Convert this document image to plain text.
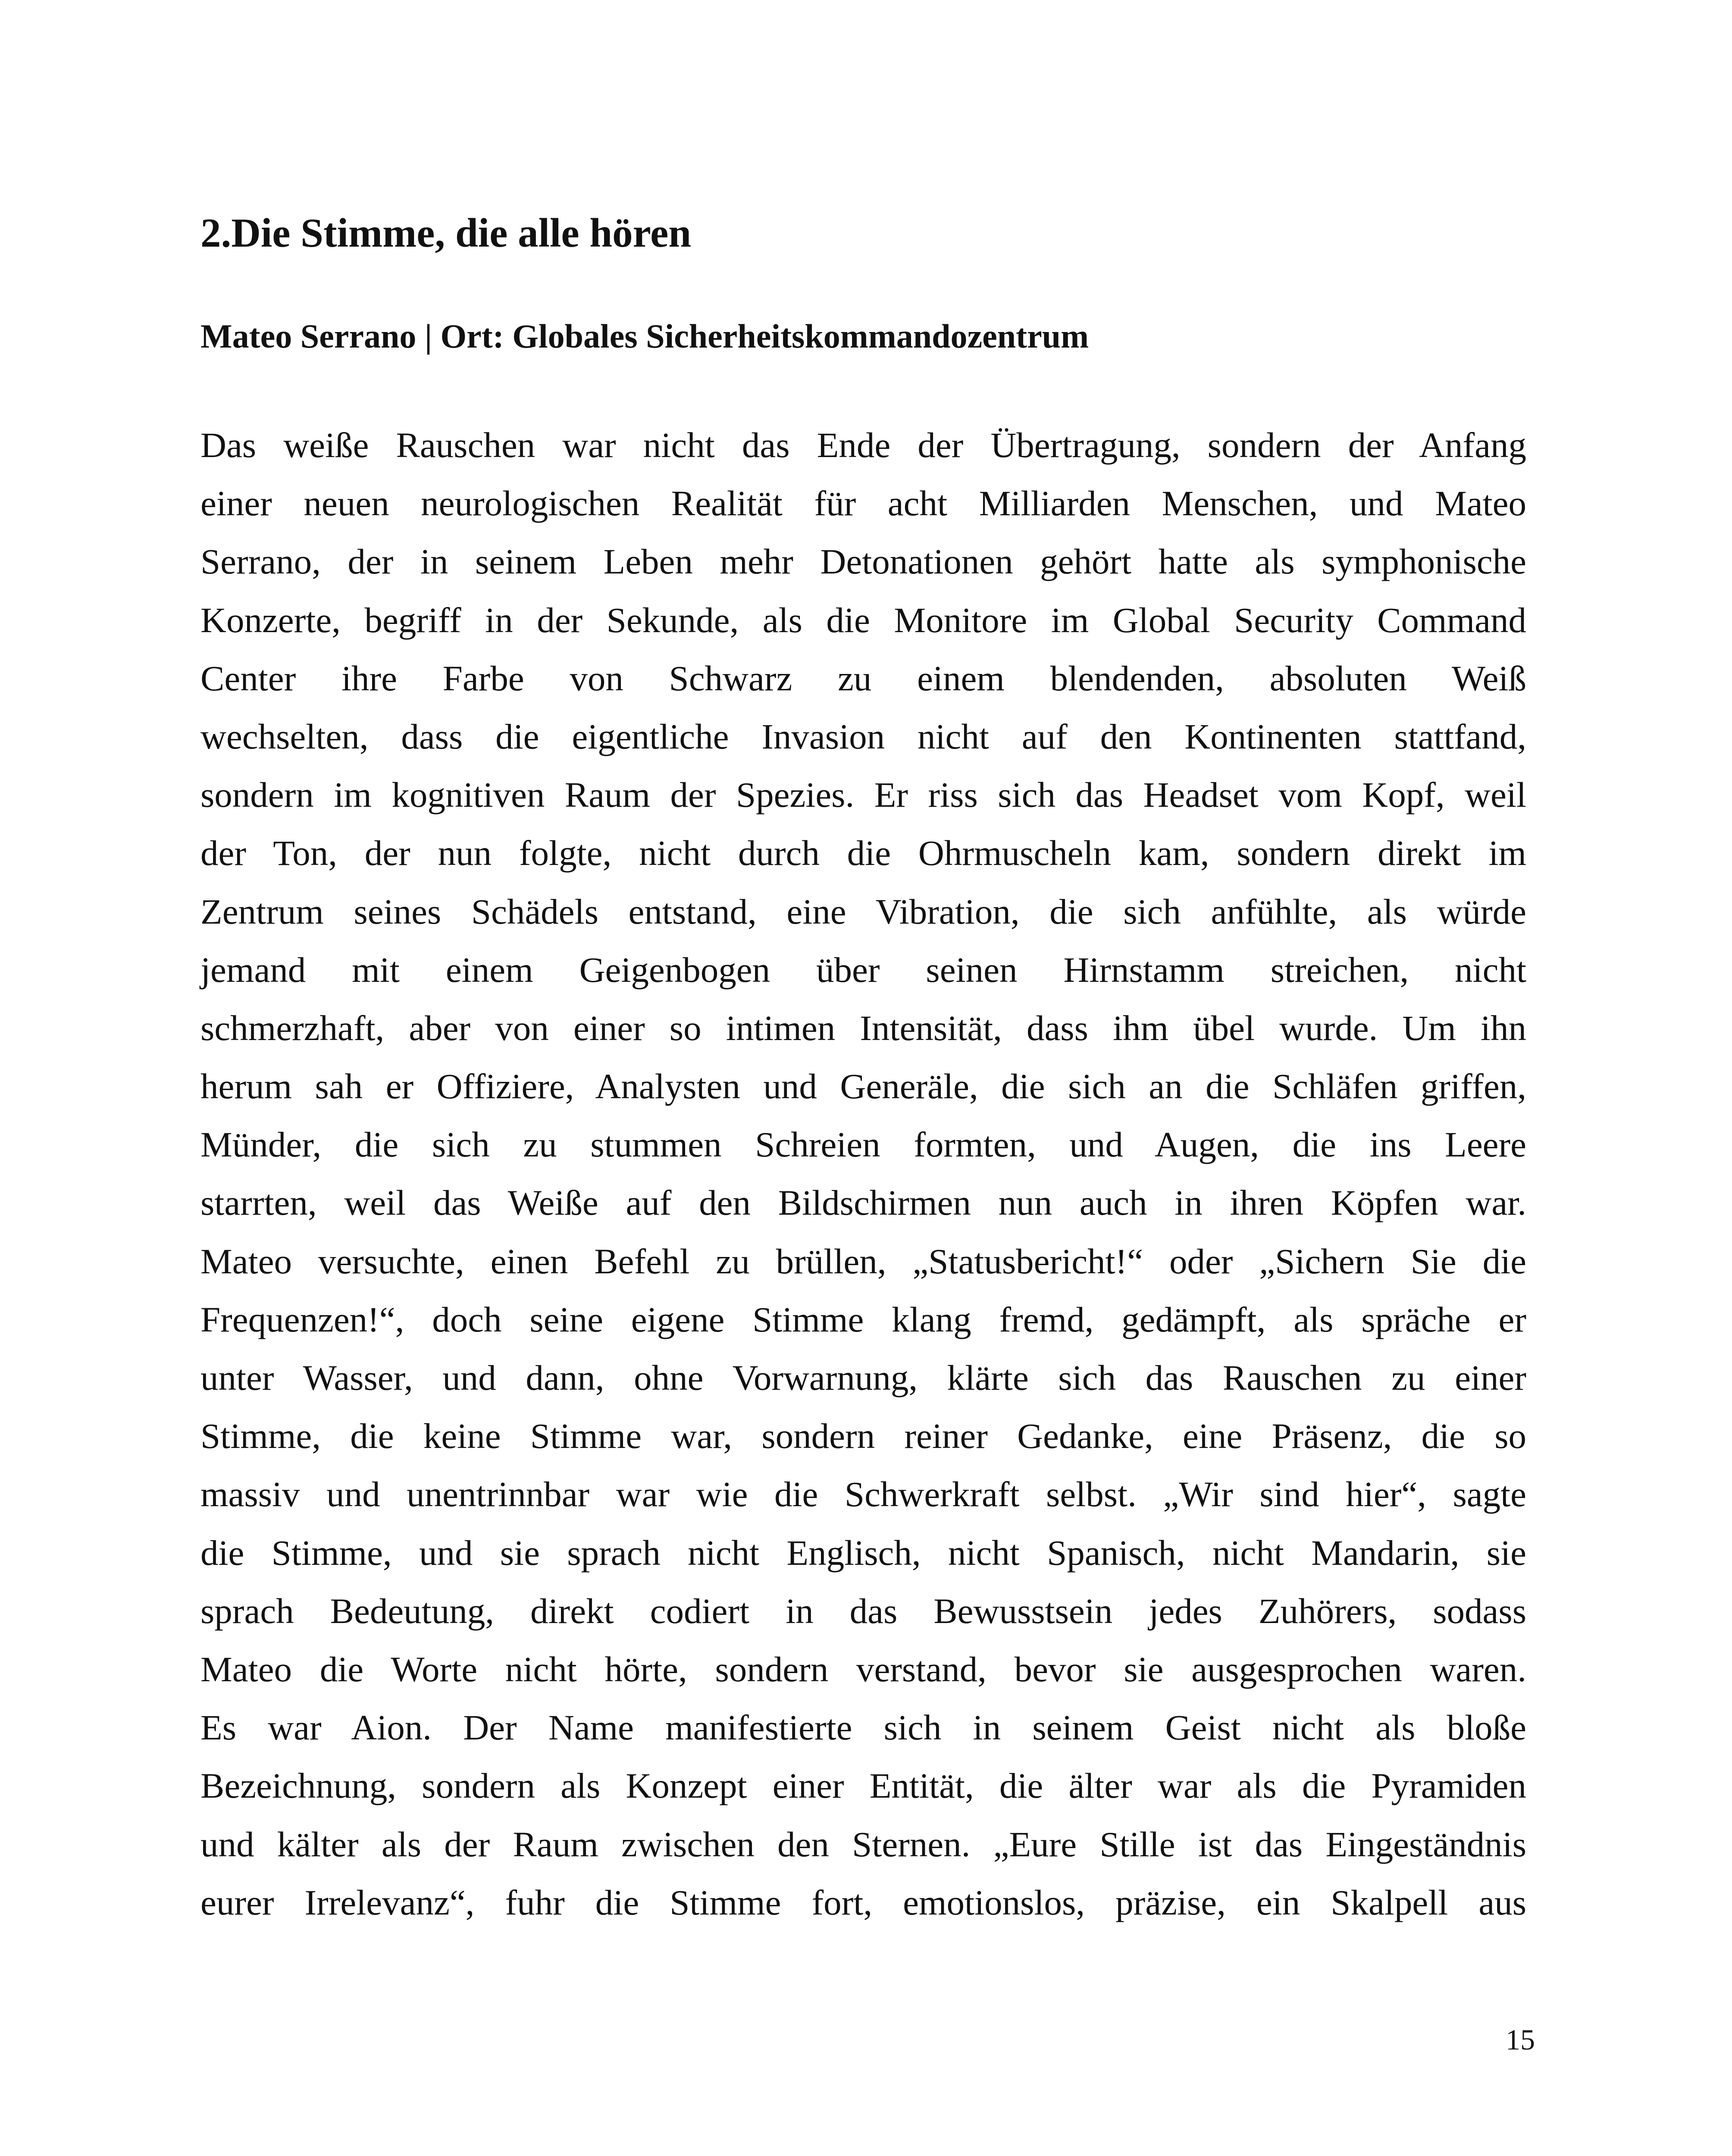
2.Die Stimme, die alle hören
Mateo Serrano | Ort: Globales Sicherheitskommandozentrum
Das weiße Rauschen war nicht das Ende der Übertragung, sondern der Anfang
einer neuen neurologischen Realität für acht Milliarden Menschen, und Mateo
Serrano, der in seinem Leben mehr Detonationen gehört hatte als symphonische
Konzerte, begriff in der Sekunde, als die Monitore im Global Security Command
Center ihre Farbe von Schwarz zu einem blendenden, absoluten Weiß
wechselten, dass die eigentliche Invasion nicht auf den Kontinenten stattfand,
sondern im kognitiven Raum der Spezies. Er riss sich das Headset vom Kopf, weil
der Ton, der nun folgte, nicht durch die Ohrmuscheln kam, sondern direkt im
Zentrum seines Schädels entstand, eine Vibration, die sich anfühlte, als würde
jemand mit einem Geigenbogen über seinen Hirnstamm streichen, nicht
schmerzhaft, aber von einer so intimen Intensität, dass ihm übel wurde. Um ihn
herum sah er Offiziere, Analysten und Generäle, die sich an die Schläfen griffen,
Münder, die sich zu stummen Schreien formten, und Augen, die ins Leere
starrten, weil das Weiße auf den Bildschirmen nun auch in ihren Köpfen war.
Mateo versuchte, einen Befehl zu brüllen, „Statusbericht!“ oder „Sichern Sie die
Frequenzen!“, doch seine eigene Stimme klang fremd, gedämpft, als spräche er
unter Wasser, und dann, ohne Vorwarnung, klärte sich das Rauschen zu einer
Stimme, die keine Stimme war, sondern reiner Gedanke, eine Präsenz, die so
massiv und unentrinnbar war wie die Schwerkraft selbst. „Wir sind hier“, sagte
die Stimme, und sie sprach nicht Englisch, nicht Spanisch, nicht Mandarin, sie
sprach Bedeutung, direkt codiert in das Bewusstsein jedes Zuhörers, sodass
Mateo die Worte nicht hörte, sondern verstand, bevor sie ausgesprochen waren.
Es war Aion. Der Name manifestierte sich in seinem Geist nicht als bloße
Bezeichnung, sondern als Konzept einer Entität, die älter war als die Pyramiden
und kälter als der Raum zwischen den Sternen. „Eure Stille ist das Eingeständnis
eurer Irrelevanz“, fuhr die Stimme fort, emotionslos, präzise, ein Skalpell aus
15
